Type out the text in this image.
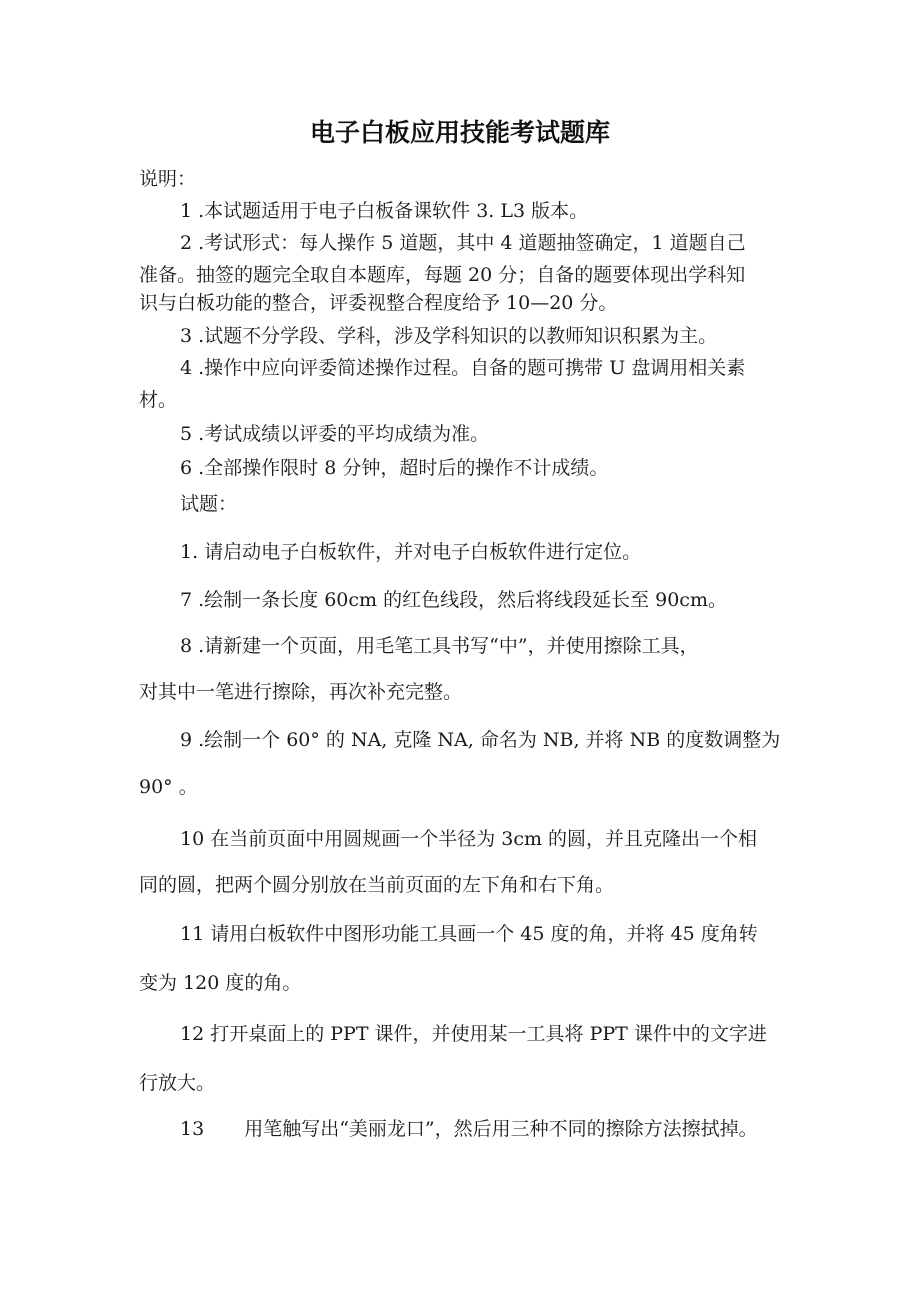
电子白板应用技能考试题库
说明：
1 .本试题适用于电子白板备课软件 3. L3 版本。
2 .考试形式：每人操作 5 道题，其中 4 道题抽签确定，1 道题自己
准备。抽签的题完全取自本题库，每题 20 分；自备的题要体现出学科知
识与白板功能的整合，评委视整合程度给予 10—20 分。
3 .试题不分学段、学科，涉及学科知识的以教师知识积累为主。
4 .操作中应向评委简述操作过程。自备的题可携带 U 盘调用相关素
材。
5 .考试成绩以评委的平均成绩为准。
6 .全部操作限时 8 分钟，超时后的操作不计成绩。
试题：
1. 请启动电子白板软件，并对电子白板软件进行定位。
7 .绘制一条长度 60cm 的红色线段，然后将线段延长至 90cm。
8 .请新建一个页面，用毛笔工具书写“中”，并使用擦除工具，
对其中一笔进行擦除，再次补充完整。
9 .绘制一个 60° 的 NA, 克隆 NA, 命名为 NB, 并将 NB 的度数调整为
90° 。
10 在当前页面中用圆规画一个半径为 3cm 的圆，并且克隆出一个相
同的圆，把两个圆分别放在当前页面的左下角和右下角。
11 请用白板软件中图形功能工具画一个 45 度的角，并将 45 度角转
变为 120 度的角。
12 打开桌面上的 PPT 课件，并使用某一工具将 PPT 课件中的文字进
行放大。
13 用笔触写出“美丽龙口”，然后用三种不同的擦除方法擦拭掉。
